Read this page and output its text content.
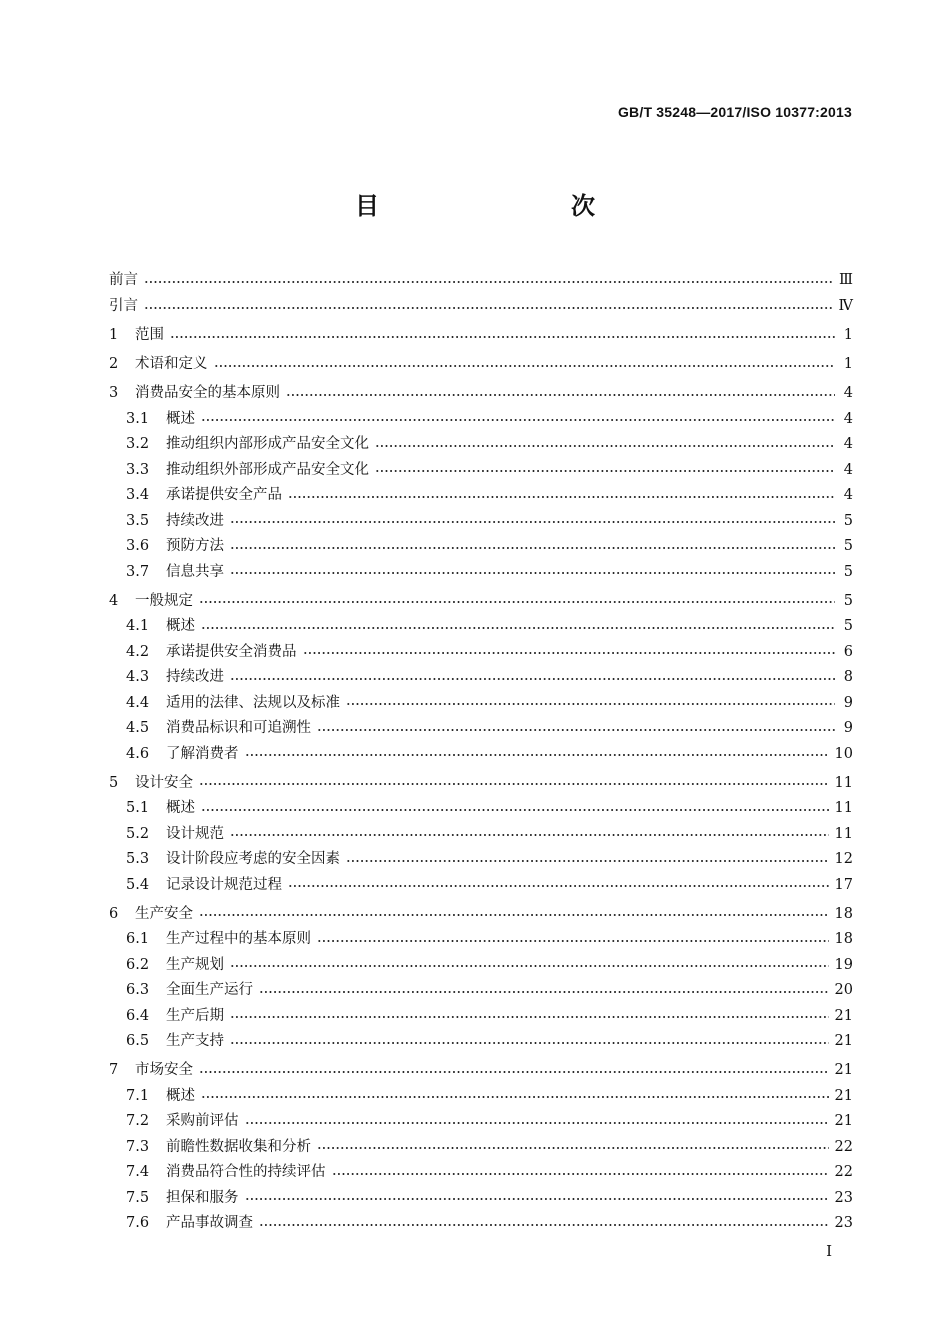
GB/T 35248—2017/ISO 10377:2013

目　　次
前言	Ⅲ
引言	Ⅳ
1	范围	1
2	术语和定义	1
3	消费品安全的基本原则	4
3.1	概述	4
3.2	推动组织内部形成产品安全文化	4
3.3	推动组织外部形成产品安全文化	4
3.4	承诺提供安全产品	4
3.5	持续改进	5
3.6	预防方法	5
3.7	信息共享	5
4	一般规定	5
4.1	概述	5
4.2	承诺提供安全消费品	6
4.3	持续改进	8
4.4	适用的法律、法规以及标准	9
4.5	消费品标识和可追溯性	9
4.6	了解消费者	10
5	设计安全	11
5.1	概述	11
5.2	设计规范	11
5.3	设计阶段应考虑的安全因素	12
5.4	记录设计规范过程	17
6	生产安全	18
6.1	生产过程中的基本原则	18
6.2	生产规划	19
6.3	全面生产运行	20
6.4	生产后期	21
6.5	生产支持	21
7	市场安全	21
7.1	概述	21
7.2	采购前评估	21
7.3	前瞻性数据收集和分析	22
7.4	消费品符合性的持续评估	22
7.5	担保和服务	23
7.6	产品事故调查	23

I
